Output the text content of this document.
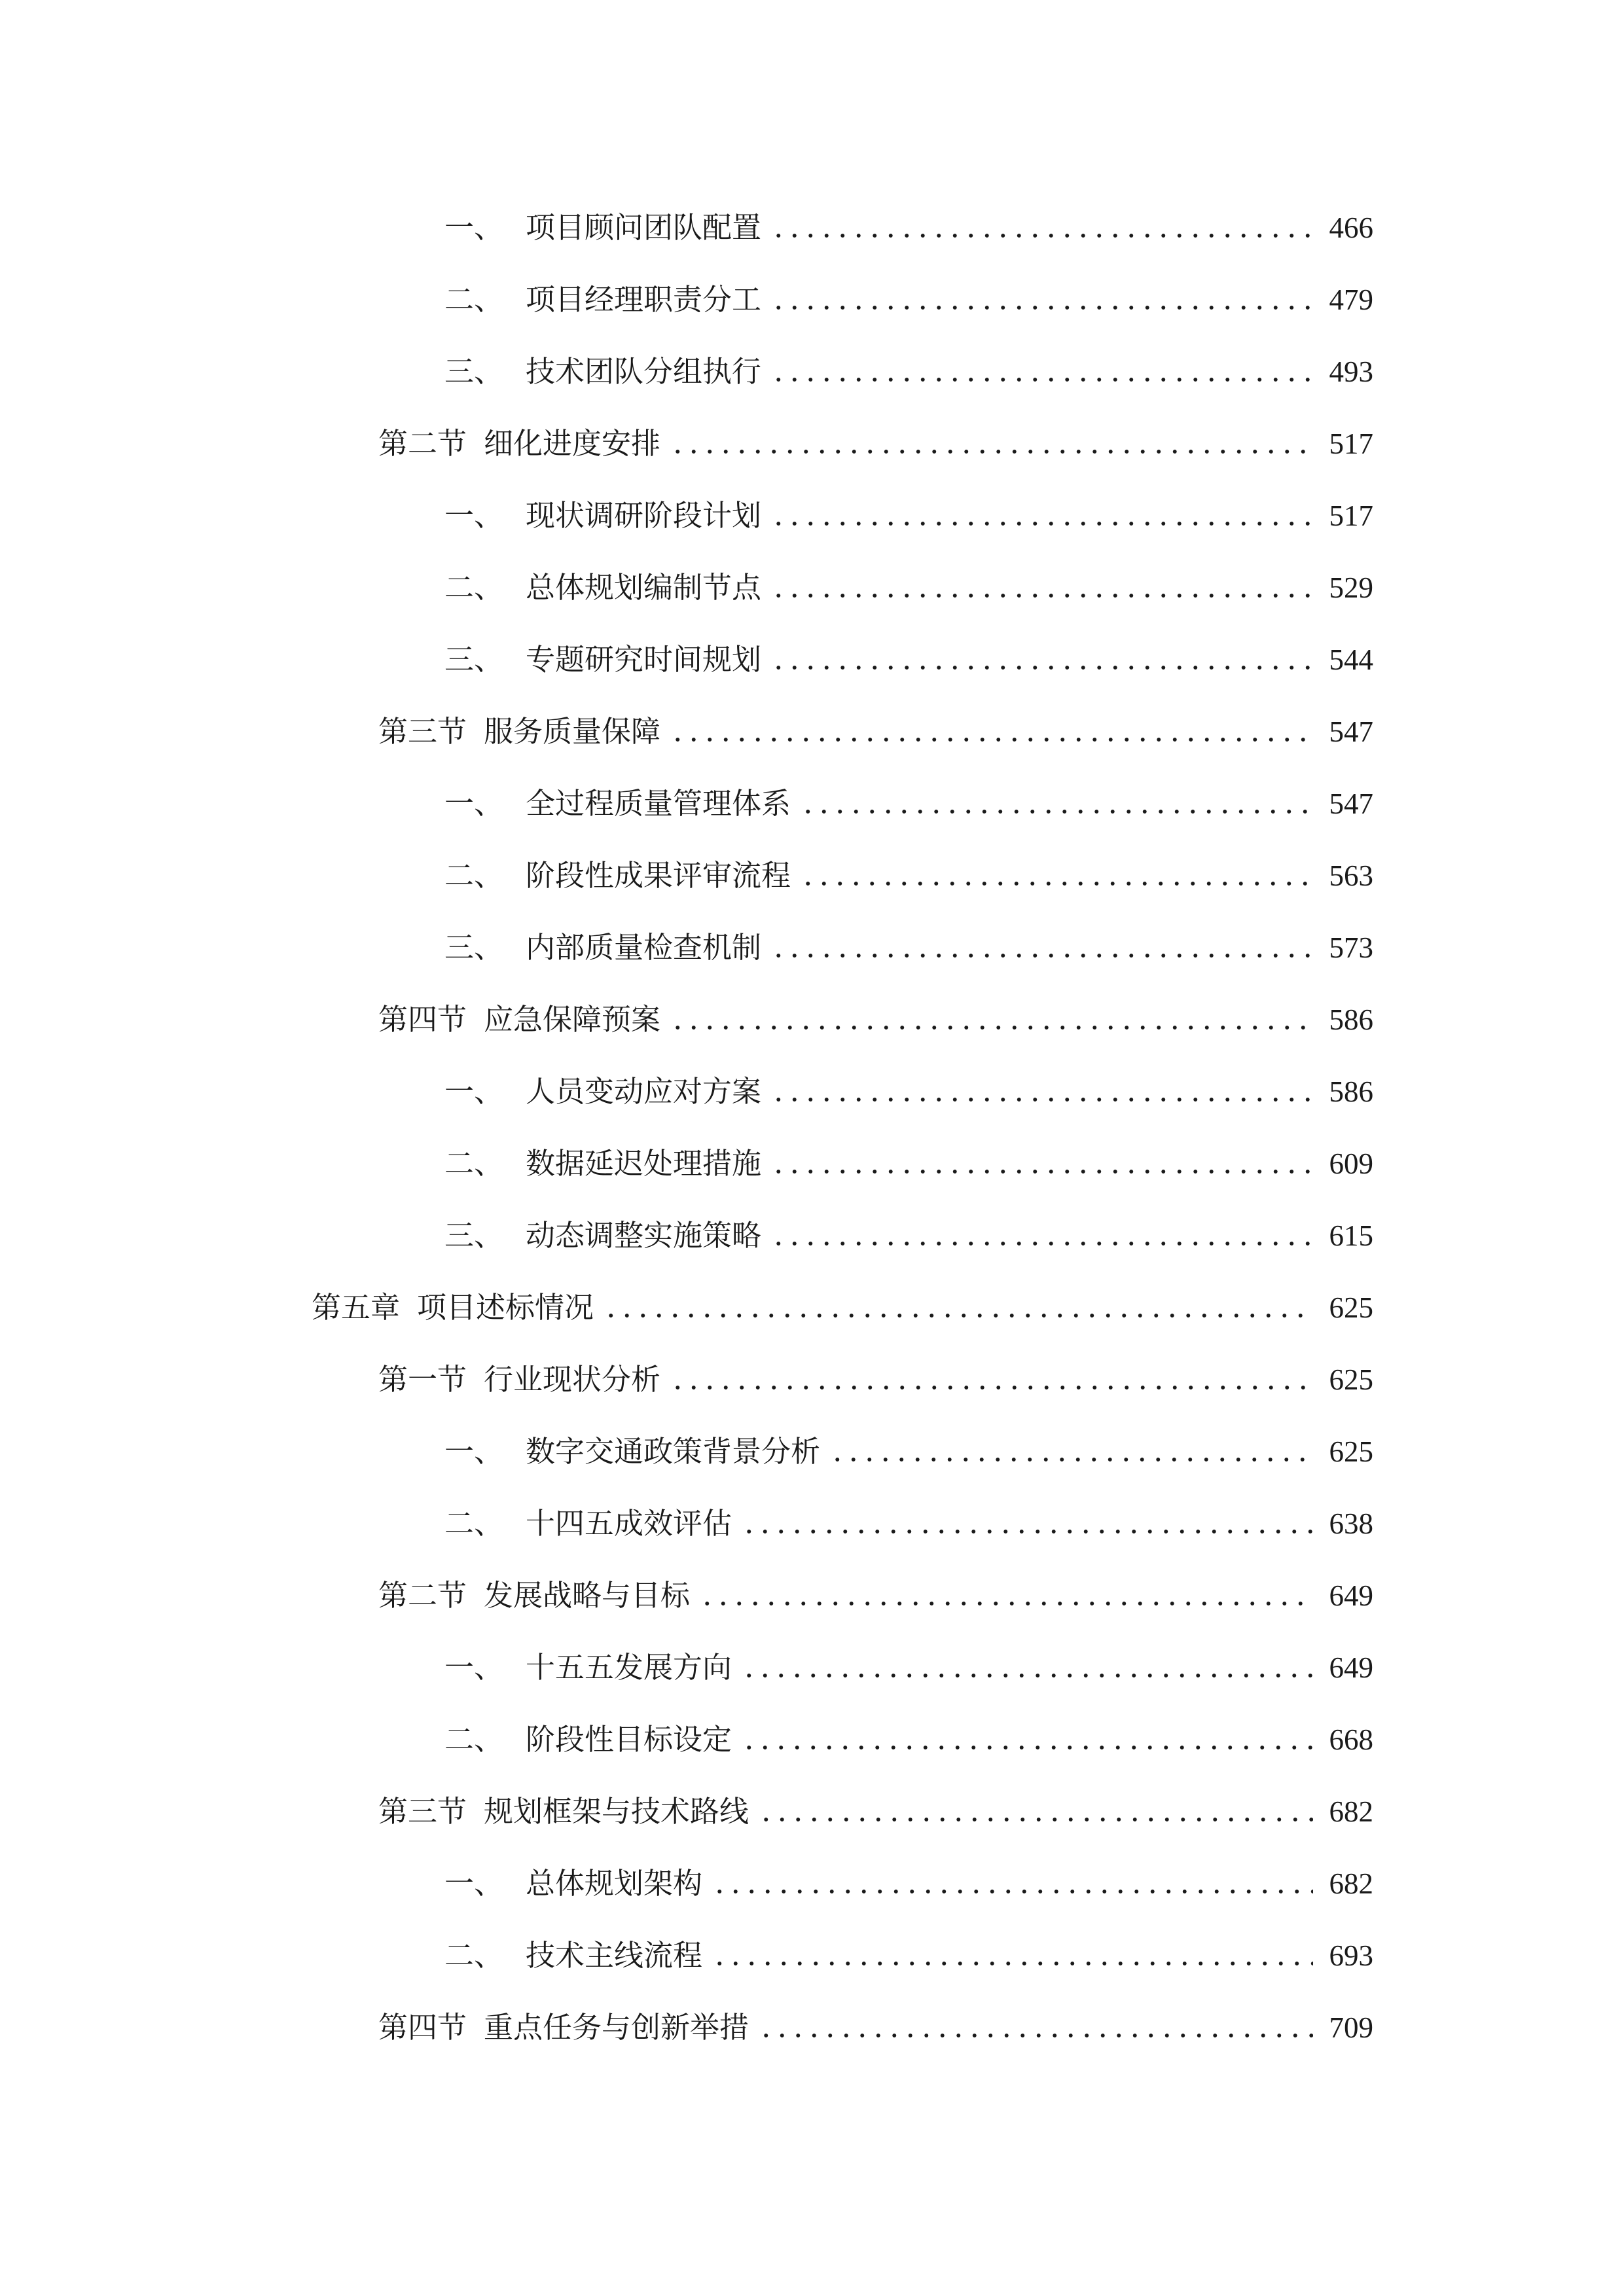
一、 项目顾问团队配置	466
二、 项目经理职责分工	479
三、 技术团队分组执行	493
第二节 细化进度安排	517
一、 现状调研阶段计划	517
二、 总体规划编制节点	529
三、 专题研究时间规划	544
第三节 服务质量保障	547
一、 全过程质量管理体系	547
二、 阶段性成果评审流程	563
三、 内部质量检查机制	573
第四节 应急保障预案	586
一、 人员变动应对方案	586
二、 数据延迟处理措施	609
三、 动态调整实施策略	615
第五章 项目述标情况	625
第一节 行业现状分析	625
一、 数字交通政策背景分析	625
二、 十四五成效评估	638
第二节 发展战略与目标	649
一、 十五五发展方向	649
二、 阶段性目标设定	668
第三节 规划框架与技术路线	682
一、 总体规划架构	682
二、 技术主线流程	693
第四节 重点任务与创新举措	709
